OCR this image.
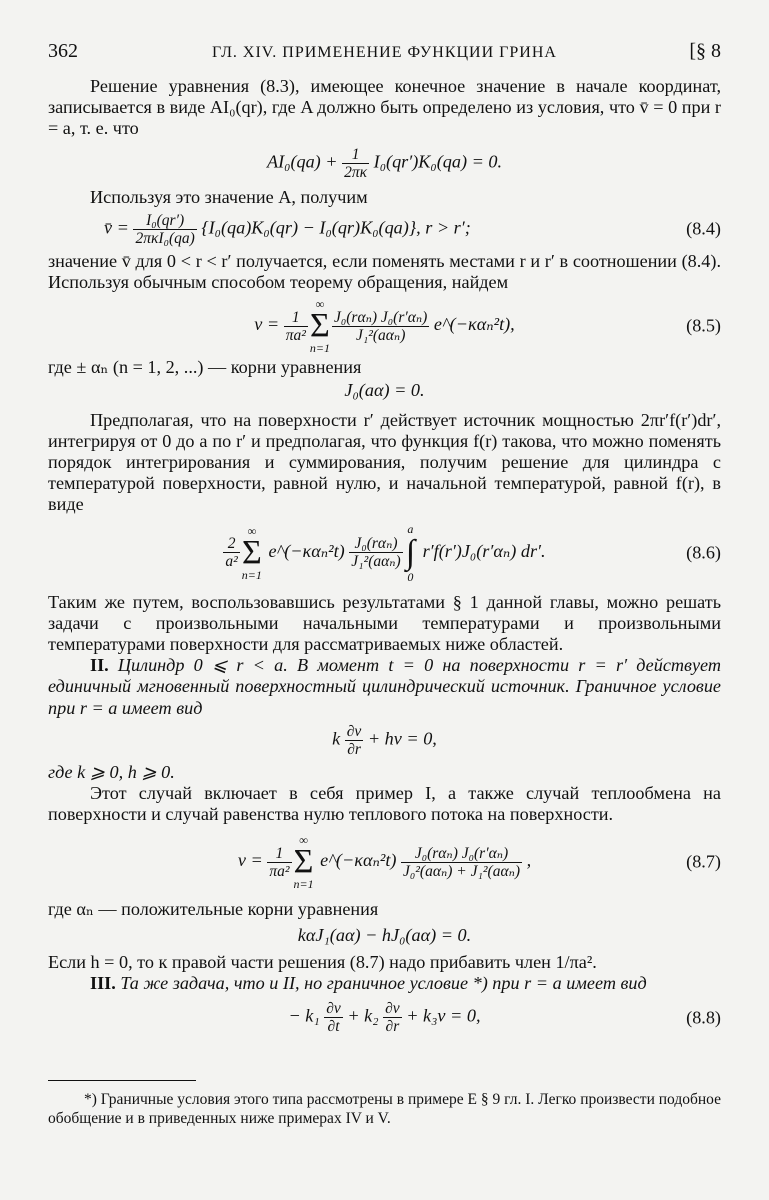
362	ГЛ. XIV. ПРИМЕНЕНИЕ ФУНКЦИИ ГРИНА	[§ 8

Решение уравнения (8.3), имеющее конечное значение в начале координат, записывается в виде AI₀(qr), где A должно быть определено из условия, что v̄ = 0 при r = a, т. е. что

$AI_0(qa) + \frac{1}{2\pi\kappa} I_0(qr')K_0(qa) = 0$.

Используя это значение A, получим

v̄ = $\frac{\text{I₀(qr′)}}{\text{2πκI₀(qa)}} \{I_0(qa)K_0(qr) - I_0(qr)K_0(qa)\}$, r > r′;	(8.4)

значение v̄ для 0 < r < r′ получается, если поменять местами r и r′ в соотношении (8.4). Используя обычным способом теорему обращения, найдем

$v = \frac{1}{\text{πa²}}$
∞
Σ
n=1
$\frac{\text{J₀(rαₙ) J₀(r′αₙ)}}{\text{J₁²(aαₙ)}}$ e^(−καₙ²t),	(8.5)

где ± αₙ (n = 1, 2, ...) — корни уравнения

J₀(aα) = 0.

Предполагая, что на поверхности r′ действует источник мощностью 2πr′f(r′)dr′, интегрируя от 0 до a по r′ и предполагая, что функция f(r) такова, что можно поменять порядок интегрирования и суммирования, получим решение для цилиндра с температурой поверхности, равной нулю, и начальной температурой, равной f(r), в виде

$\frac{2}{\text{a²}}$
∞
Σ
n=1
e^(−καₙ²t) $\frac{\text{J₀(rαₙ)}}{\text{J₁²(aαₙ)}}$
a
∫
0
r′f(r′)J₀(r′αₙ) dr′.	(8.6)

Таким же путем, воспользовавшись результатами § 1 данной главы, можно решать задачи с произвольными начальными температурами и произвольными температурами поверхности для рассматриваемых ниже областей.

II. Цилиндр 0 ⩽ r < a. В момент t = 0 на поверхности r = r′ действует единичный мгновенный поверхностный цилиндрический источник. Граничное условие при r = a имеет вид

k $\frac{\partial v}{\partial r}$ + hv = 0,

где k ⩾ 0, h ⩾ 0.

Этот случай включает в себя пример I, а также случай теплообмена на поверхности и случай равенства нулю теплового потока на поверхности.

$v = \frac{1}{\text{πa²}}$
∞
Σ
n=1
e^(−καₙ²t) $\frac{\text{J₀(rαₙ) J₀(r′αₙ)}}{\text{J₀²(aαₙ) + J₁²(aαₙ)}}$ ,	(8.7)

где αₙ — положительные корни уравнения

kαJ₁(aα) − hJ₀(aα) = 0.

Если h = 0, то к правой части решения (8.7) надо прибавить член 1/πa².

III. Та же задача, что и II, но граничное условие *) при r = a имеет вид

− $k_1 \frac{\partial v}{\partial t} + k_2 \frac{\partial v}{\partial r} + k_3v = 0$,	(8.8)
*) Граничные условия этого типа рассмотрены в примере E § 9 гл. I. Легко произвести подобное обобщение и в приведенных ниже примерах IV и V.
